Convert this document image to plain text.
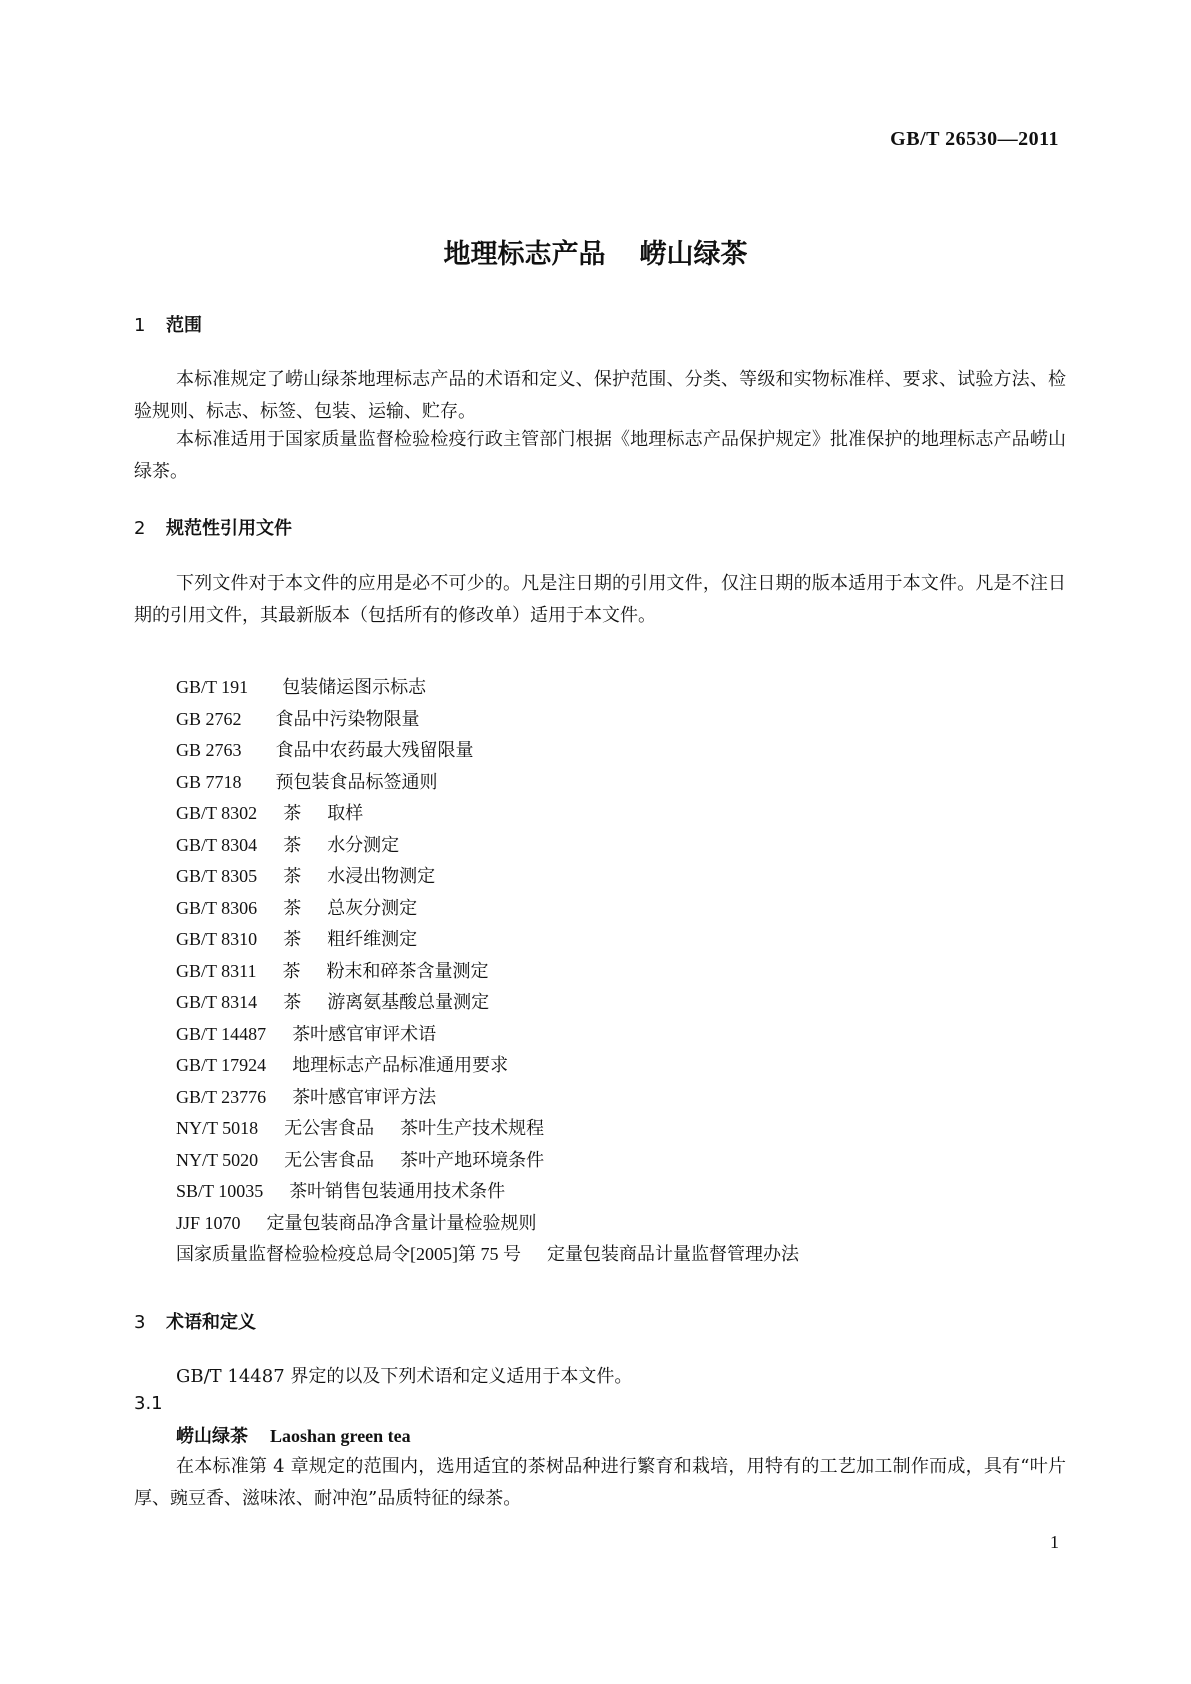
GB/T 26530—2011
地理标志产品 崂山绿茶
1 范围
本标准规定了崂山绿茶地理标志产品的术语和定义、保护范围、分类、等级和实物标准样、要求、试验方法、检验规则、标志、标签、包装、运输、贮存。
本标准适用于国家质量监督检验检疫行政主管部门根据《地理标志产品保护规定》批准保护的地理标志产品崂山绿茶。
2 规范性引用文件
下列文件对于本文件的应用是必不可少的。凡是注日期的引用文件，仅注日期的版本适用于本文件。凡是不注日期的引用文件，其最新版本（包括所有的修改单）适用于本文件。
GB/T 191 包装储运图示标志
GB 2762 食品中污染物限量
GB 2763 食品中农药最大残留限量
GB 7718 预包装食品标签通则
GB/T 8302 茶 取样
GB/T 8304 茶 水分测定
GB/T 8305 茶 水浸出物测定
GB/T 8306 茶 总灰分测定
GB/T 8310 茶 粗纤维测定
GB/T 8311 茶 粉末和碎茶含量测定
GB/T 8314 茶 游离氨基酸总量测定
GB/T 14487 茶叶感官审评术语
GB/T 17924 地理标志产品标准通用要求
GB/T 23776 茶叶感官审评方法
NY/T 5018 无公害食品 茶叶生产技术规程
NY/T 5020 无公害食品 茶叶产地环境条件
SB/T 10035 茶叶销售包装通用技术条件
JJF 1070 定量包装商品净含量计量检验规则
国家质量监督检验检疫总局令[2005]第 75 号 定量包装商品计量监督管理办法
3 术语和定义
GB/T 14487 界定的以及下列术语和定义适用于本文件。
3.1
崂山绿茶 Laoshan green tea
在本标准第 4 章规定的范围内，选用适宜的茶树品种进行繁育和栽培，用特有的工艺加工制作而成，具有“叶片厚、豌豆香、滋味浓、耐冲泡”品质特征的绿茶。
1
